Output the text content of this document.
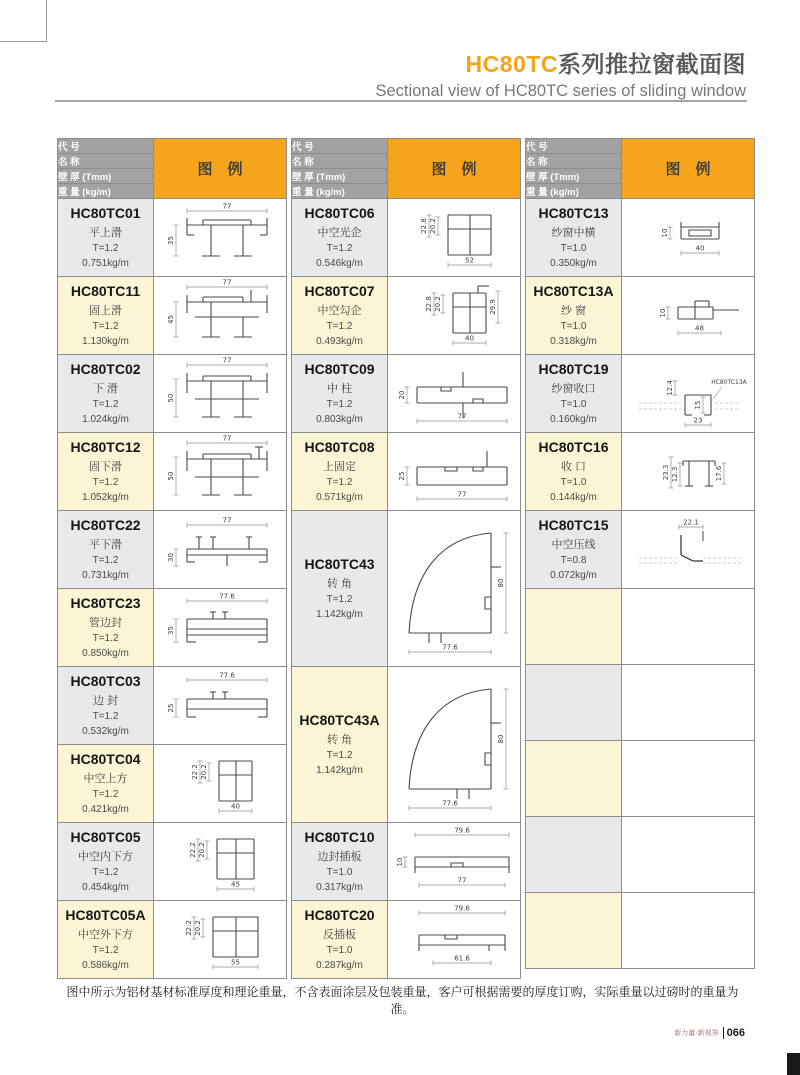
HC80TC系列推拉窗截面图
Sectional view of HC80TC series of sliding window
代 号	图　例
名 称	
壁 厚 (Tmm)	
重 量 (kg/m)	

HC80TC01
平上滑
T=1.2
0.751kg/m

77
35

HC80TC11
固上滑
T=1.2
1.130kg/m

77
45

HC80TC02
下 滑
T=1.2
1.024kg/m

77
50

HC80TC12
固下滑
T=1.2
1.052kg/m

77
50

HC80TC22
平下滑
T=1.2
0.731kg/m

77
30

HC80TC23
管边封
T=1.2
0.850kg/m

77.6
35

HC80TC03
边 封
T=1.2
0.532kg/m

77.6
25

HC80TC04
中空上方
T=1.2
0.421kg/m

22.2 20.2
40

HC80TC05
中空内下方
T=1.2
0.454kg/m

22.2 20.2
45

HC80TC05A
中空外下方
T=1.2
0.586kg/m

22.2 20.2
55
代 号	图　例
名 称	
壁 厚 (Tmm)	
重 量 (kg/m)	

HC80TC06
中空光企
T=1.2
0.546kg/m

22.8 20.2
52

HC80TC07
中空勾企
T=1.2
0.493kg/m

22.8 20.2
40
29.9

HC80TC09
中 柱
T=1.2
0.803kg/m

20
77

HC80TC08
上固定
T=1.2
0.571kg/m

25
77

HC80TC43
转 角
T=1.2
1.142kg/m

80
77.6

HC80TC43A
转 角
T=1.2
1.142kg/m

80
77.6

HC80TC10
边封插板
T=1.0
0.317kg/m

79.6
10
77

HC80TC20
反插板
T=1.0
0.287kg/m

79.6
61.6
代 号	图　例
名 称	
壁 厚 (Tmm)	
重 量 (kg/m)	

HC80TC13
纱窗中横
T=1.0
0.350kg/m

10
40

HC80TC13A
纱 窗
T=1.0
0.318kg/m

10
48

HC80TC19
纱窗收口
T=1.0
0.160kg/m

12.4
15
23
HC80TC13A

HC80TC16
收 口
T=1.0
0.144kg/m

23.3 12.3	17.6

HC80TC15
中空压线
T=0.8
0.072kg/m	22.1

图中所示为铝材基材标准厚度和理论重量，不含表面涂层及包装重量，客户可根据需要的厚度订购，实际重量以过磅时的重量为准。
新力量·新视界 066
